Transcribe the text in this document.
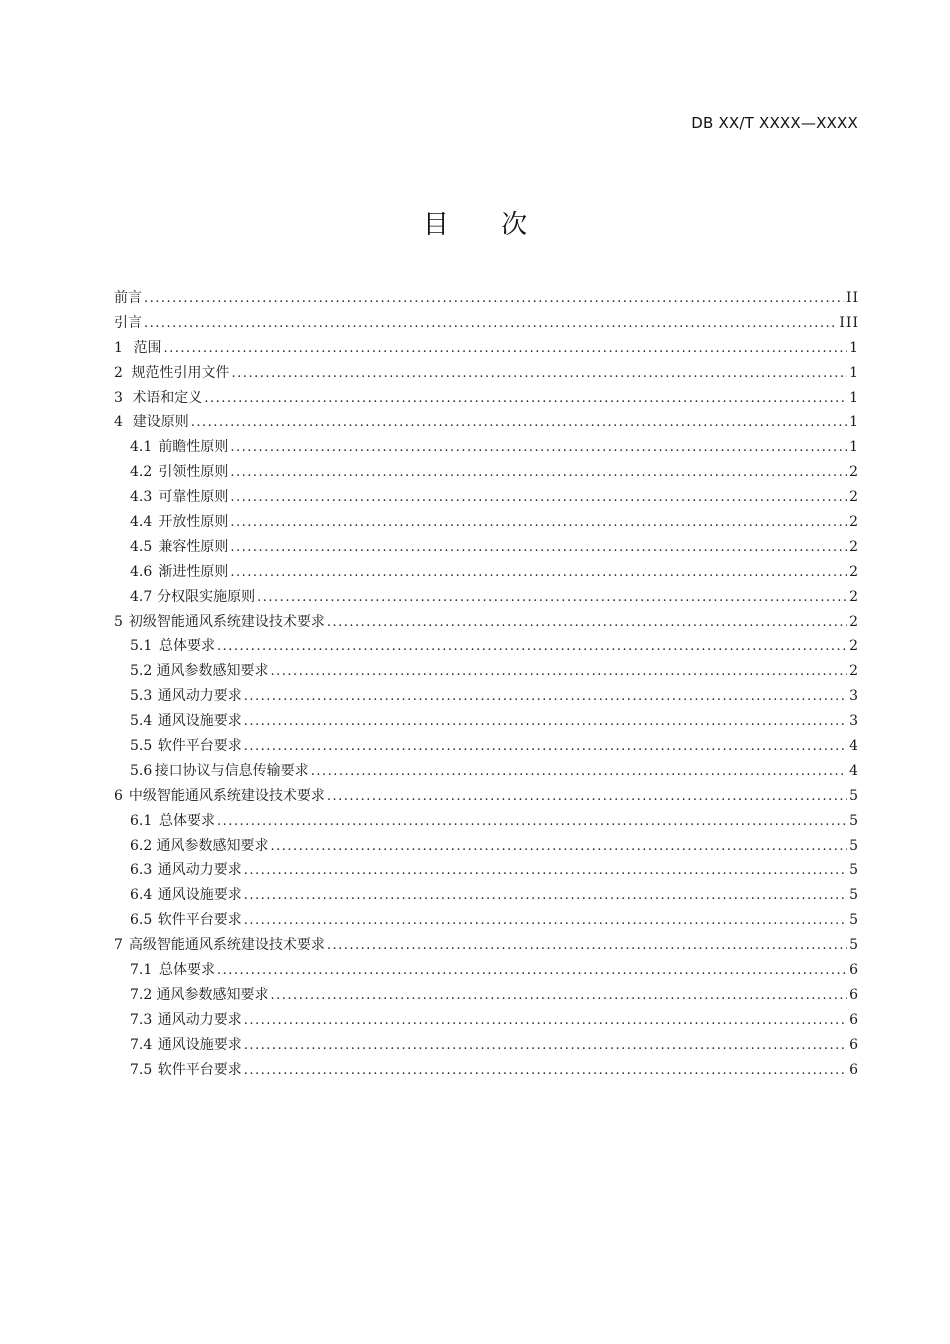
DB XX/T XXXX—XXXX
目 次
前言 .....	II
引言 .....	III
1 范围 .....	1
2 规范性引用文件 .....	1
3 术语和定义 .....	1
4 建设原则 .....	1
4.1 前瞻性原则 .....	1
4.2 引领性原则 .....	2
4.3 可靠性原则 .....	2
4.4 开放性原则 .....	2
4.5 兼容性原则 .....	2
4.6 渐进性原则 .....	2
4.7 分权限实施原则 .....	2
5 初级智能通风系统建设技术要求 .....	2
5.1 总体要求 .....	2
5.2 通风参数感知要求 .....	2
5.3 通风动力要求 .....	3
5.4 通风设施要求 .....	3
5.5 软件平台要求 .....	4
5.6 接口协议与信息传输要求 .....	4
6 中级智能通风系统建设技术要求 .....	5
6.1 总体要求 .....	5
6.2 通风参数感知要求 .....	5
6.3 通风动力要求 .....	5
6.4 通风设施要求 .....	5
6.5 软件平台要求 .....	5
7 高级智能通风系统建设技术要求 .....	5
7.1 总体要求 .....	6
7.2 通风参数感知要求 .....	6
7.3 通风动力要求 .....	6
7.4 通风设施要求 .....	6
7.5 软件平台要求 .....	6
